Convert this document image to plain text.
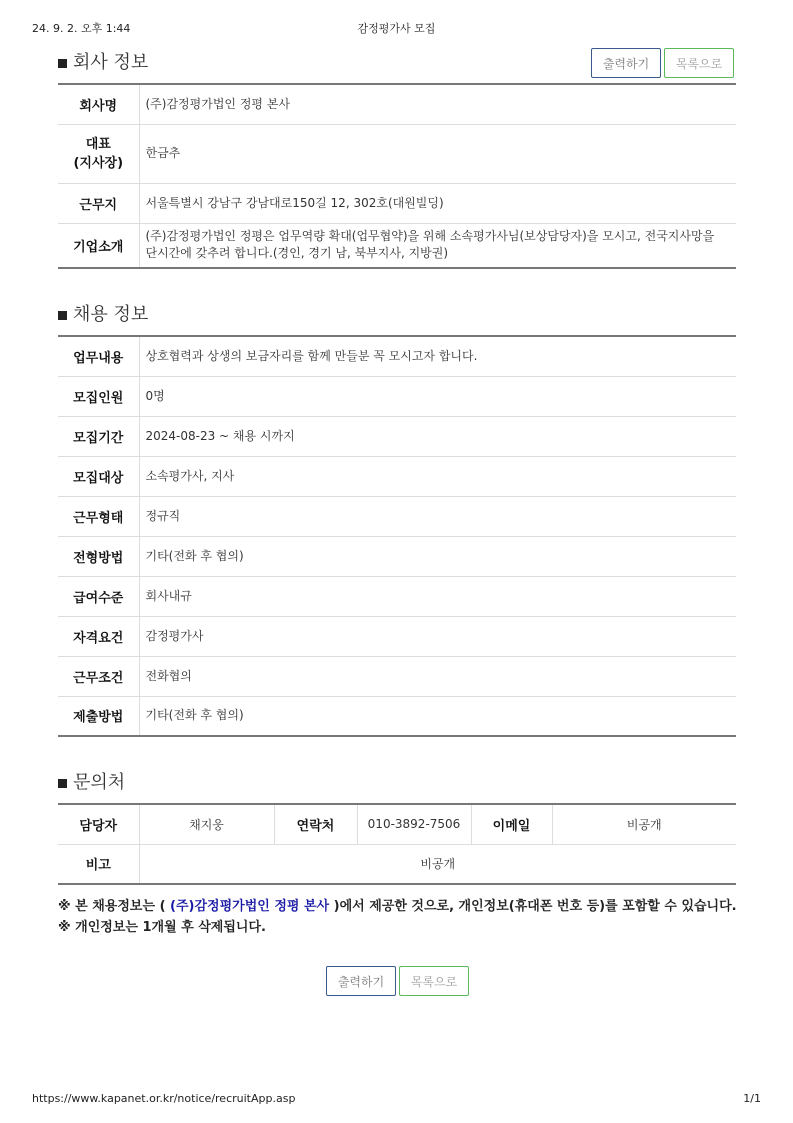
24. 9. 2. 오후 1:44	감정평가사 모집
회사 정보	출력하기	목록으로
회사명	(주)감정평가법인 정평 본사
대표
(지사장)	한금추
근무지	서울특별시 강남구 강남대로150길 12, 302호(대원빌딩)
기업소개	(주)감정평가법인 정평은 업무역량 확대(업무협약)을 위해 소속평가사님(보상담당자)을 모시고, 전국지사망을 단시간에 갖추려 합니다.(경인, 경기 남, 북부지사, 지방권)
채용 정보
업무내용	상호협력과 상생의 보금자리를 함께 만들분 꼭 모시고자 합니다.
모집인원	0명
모집기간	2024-08-23 ~ 채용 시까지
모집대상	소속평가사, 지사
근무형태	정규직
전형방법	기타(전화 후 협의)
급여수준	회사내규
자격요건	감정평가사
근무조건	전화협의
제출방법	기타(전화 후 협의)
문의처
담당자	채지웅	연락처	010-3892-7506	이메일	비공개
비고	비공개				
※ 본 채용정보는 ( (주)감정평가법인 정평 본사 )에서 제공한 것으로, 개인정보(휴대폰 번호 등)를 포함할 수 있습니다.
※ 개인정보는 1개월 후 삭제됩니다.
출력하기	목록으로
https://www.kapanet.or.kr/notice/recruitApp.asp	1/1
